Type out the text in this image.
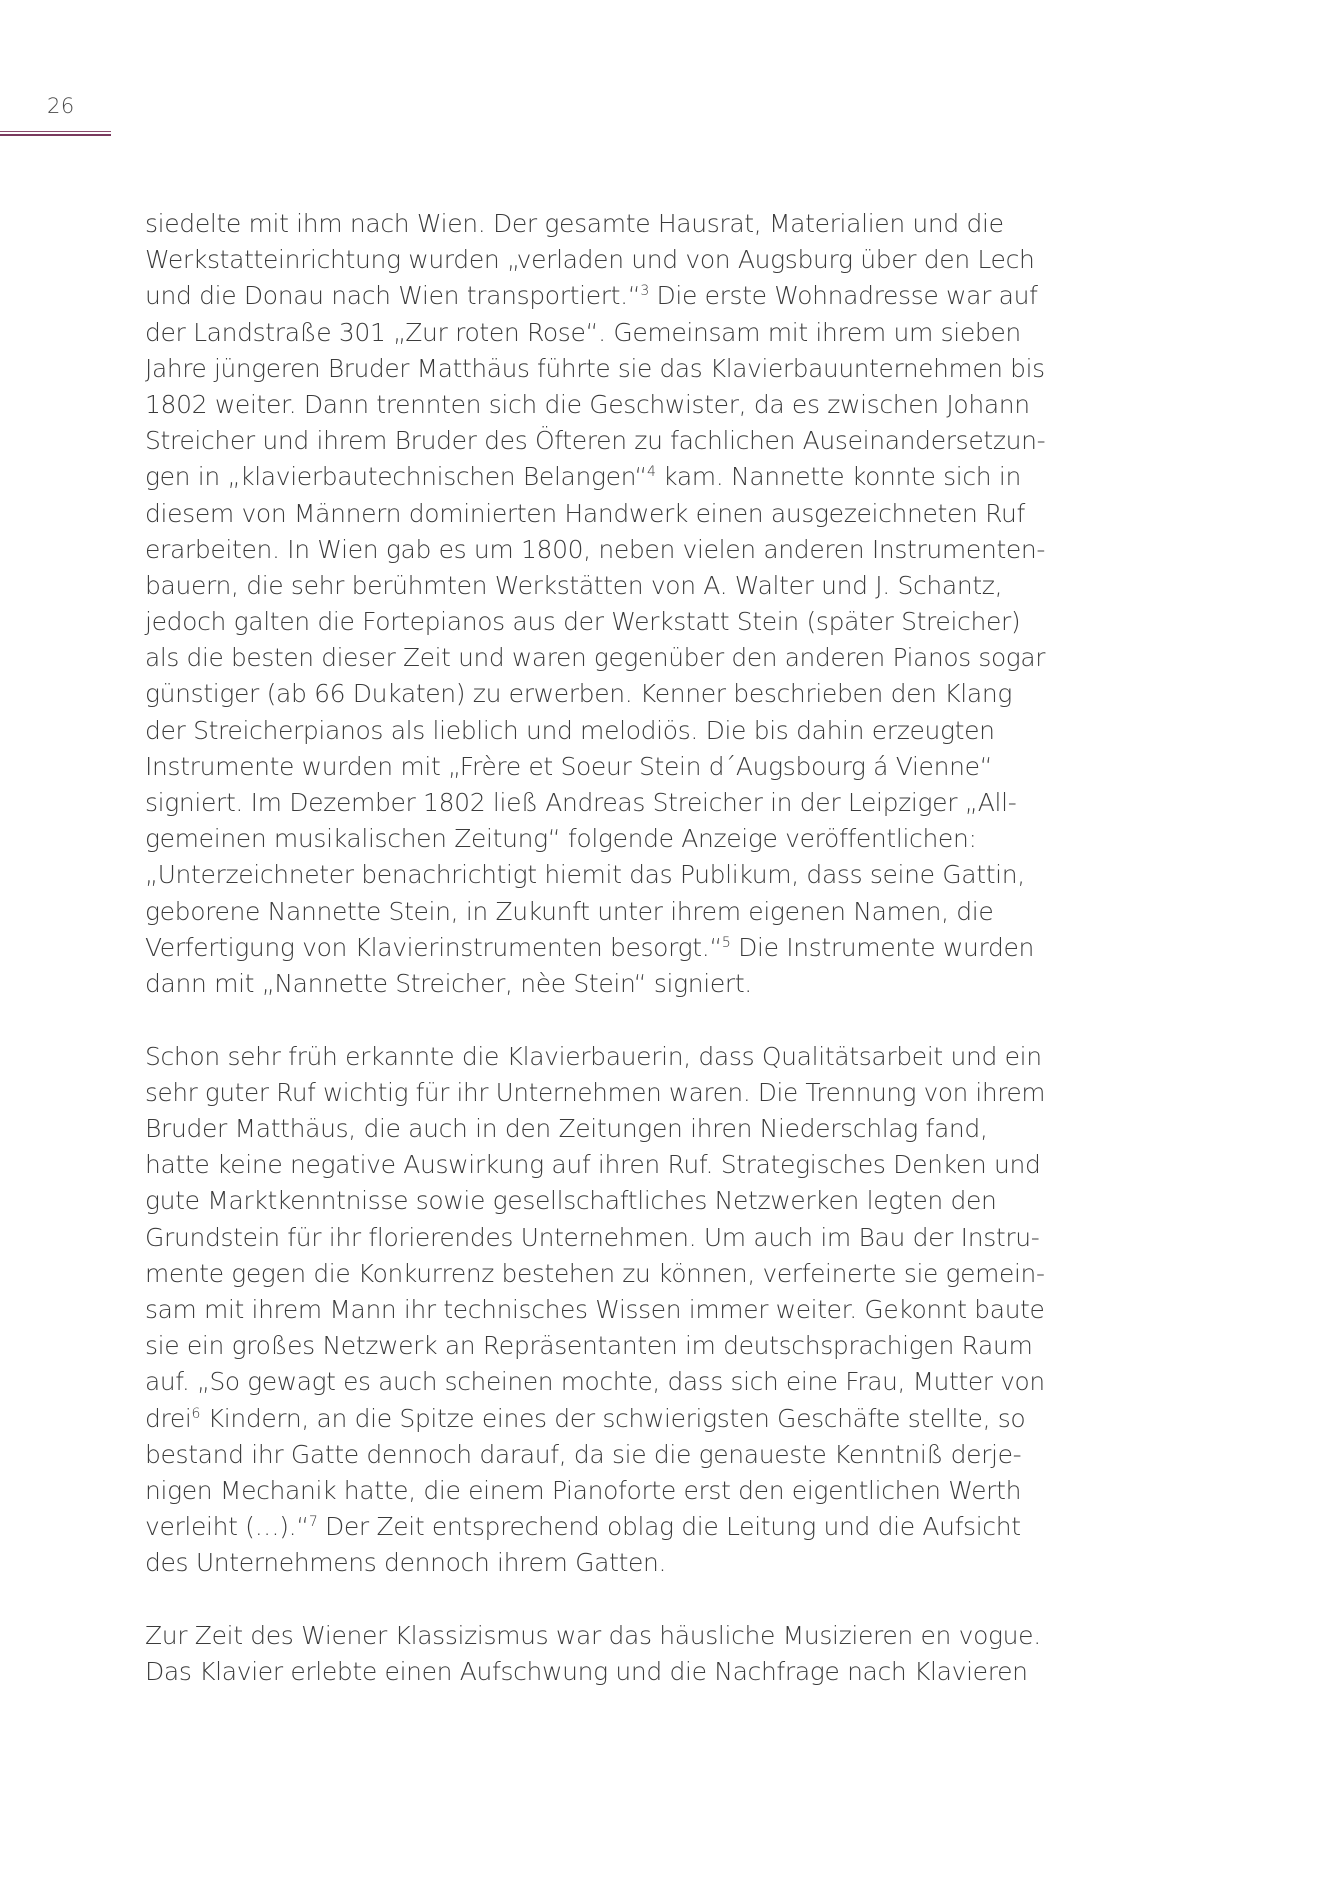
26
siedelte mit ihm nach Wien. Der gesamte Hausrat, Materialien und die
Werkstatteinrichtung wurden „verladen und von Augsburg über den Lech
und die Donau nach Wien transportiert.“$^3$ Die erste Wohnadresse war auf
der Landstraße 301 „Zur roten Rose“. Gemeinsam mit ihrem um sieben
Jahre jüngeren Bruder Matthäus führte sie das Klavierbauunternehmen bis
1802 weiter. Dann trennten sich die Geschwister, da es zwischen Johann
Streicher und ihrem Bruder des Öfteren zu fachlichen Auseinandersetzun-
gen in „klavierbautechnischen Belangen“$^4$ kam. Nannette konnte sich in
diesem von Männern dominierten Handwerk einen ausgezeichneten Ruf
erarbeiten. In Wien gab es um 1800, neben vielen anderen Instrumenten-
bauern, die sehr berühmten Werkstätten von A. Walter und J. Schantz,
jedoch galten die Fortepianos aus der Werkstatt Stein (später Streicher)
als die besten dieser Zeit und waren gegenüber den anderen Pianos sogar
günstiger (ab 66 Dukaten) zu erwerben. Kenner beschrieben den Klang
der Streicherpianos als lieblich und melodiös. Die bis dahin erzeugten
Instrumente wurden mit „Frère et Soeur Stein d´Augsbourg á Vienne“
signiert. Im Dezember 1802 ließ Andreas Streicher in der Leipziger „All-
gemeinen musikalischen Zeitung“ folgende Anzeige veröffentlichen:
„Unterzeichneter benachrichtigt hiemit das Publikum, dass seine Gattin,
geborene Nannette Stein, in Zukunft unter ihrem eigenen Namen, die
Verfertigung von Klavierinstrumenten besorgt.“$^5$ Die Instrumente wurden
dann mit „Nannette Streicher, nèe Stein“ signiert.
Schon sehr früh erkannte die Klavierbauerin, dass Qualitätsarbeit und ein
sehr guter Ruf wichtig für ihr Unternehmen waren. Die Trennung von ihrem
Bruder Matthäus, die auch in den Zeitungen ihren Niederschlag fand,
hatte keine negative Auswirkung auf ihren Ruf. Strategisches Denken und
gute Marktkenntnisse sowie gesellschaftliches Netzwerken legten den
Grundstein für ihr florierendes Unternehmen. Um auch im Bau der Instru-
mente gegen die Konkurrenz bestehen zu können, verfeinerte sie gemein-
sam mit ihrem Mann ihr technisches Wissen immer weiter. Gekonnt baute
sie ein großes Netzwerk an Repräsentanten im deutschsprachigen Raum
auf. „So gewagt es auch scheinen mochte, dass sich eine Frau, Mutter von
drei$^6$ Kindern, an die Spitze eines der schwierigsten Geschäfte stellte, so
bestand ihr Gatte dennoch darauf, da sie die genaueste Kenntniß derje-
nigen Mechanik hatte, die einem Pianoforte erst den eigentlichen Werth
verleiht (…).“$^7$ Der Zeit entsprechend oblag die Leitung und die Aufsicht
des Unternehmens dennoch ihrem Gatten.
Zur Zeit des Wiener Klassizismus war das häusliche Musizieren en vogue.
Das Klavier erlebte einen Aufschwung und die Nachfrage nach Klavieren
